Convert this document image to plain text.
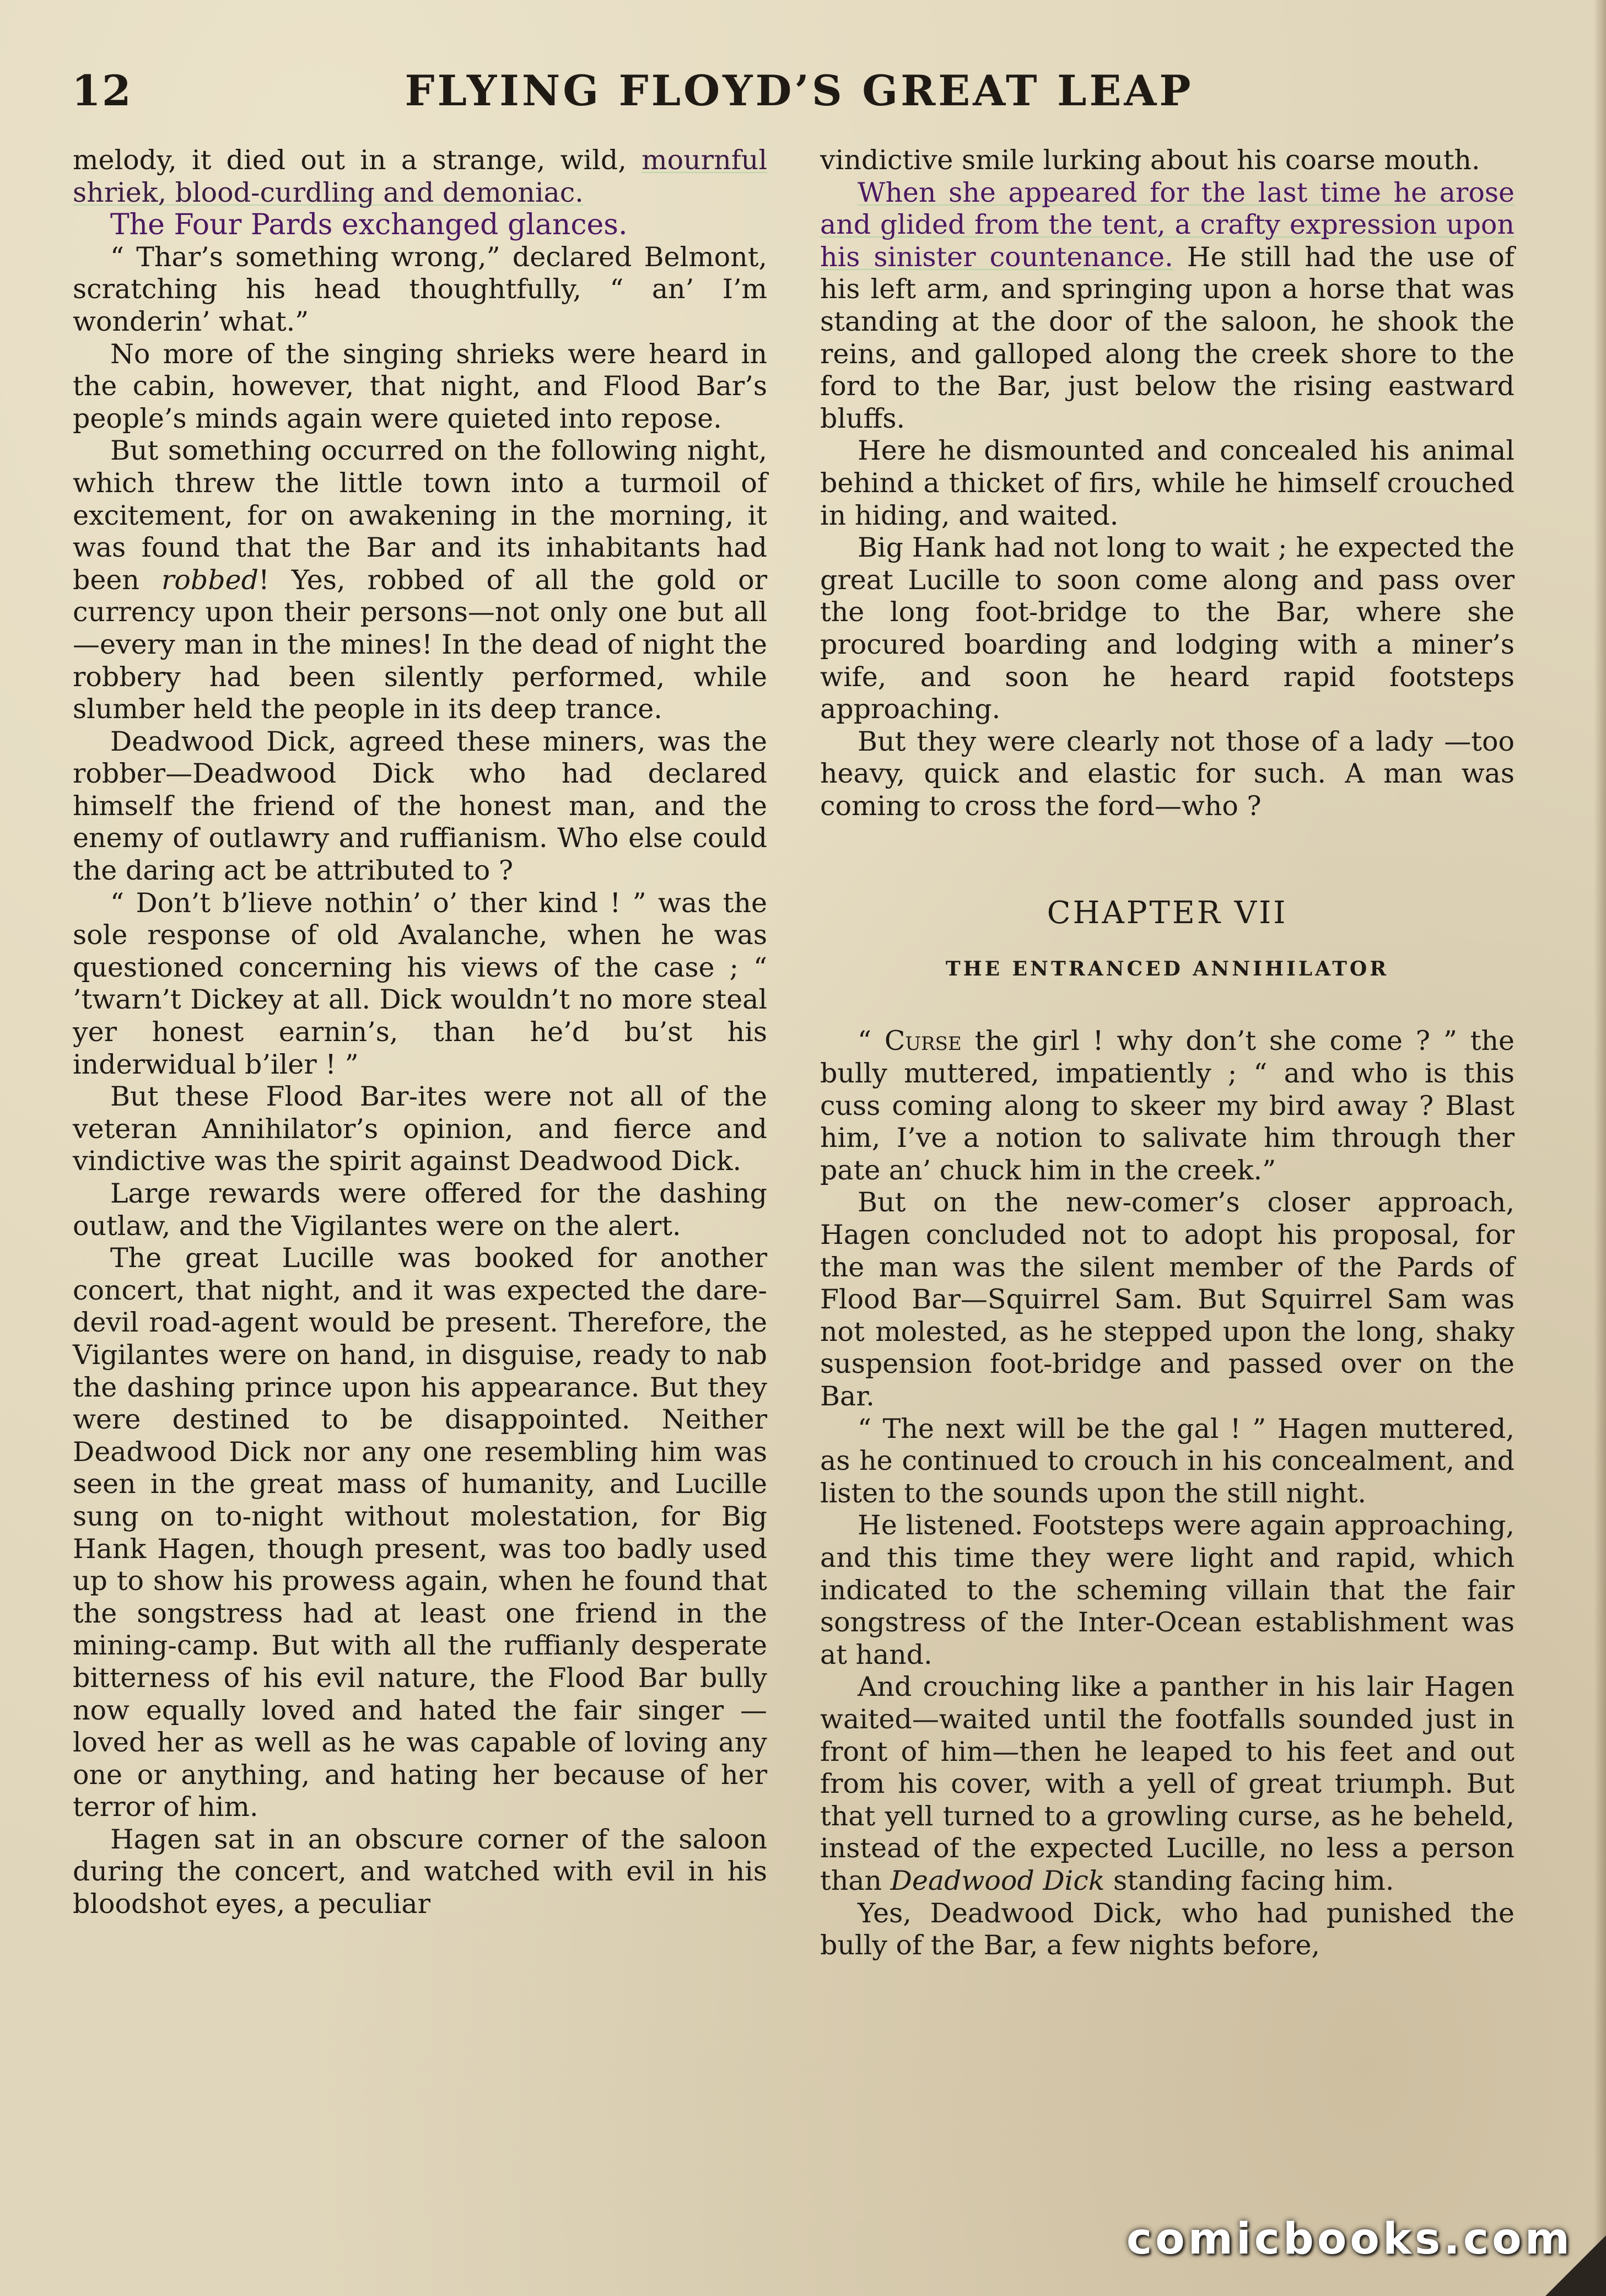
12	FLYING FLOYD’S GREAT LEAP

melody, it died out in a strange, wild, mournful shriek, blood-curdling and demoniac.

The Four Pards exchanged glances.

“ Thar’s something wrong,” declared Belmont, scratching his head thoughtfully, “ an’ I’m wonderin’ what.”

No more of the singing shrieks were heard in the cabin, however, that night, and Flood Bar’s people’s minds again were quieted into repose.

But something occurred on the following night, which threw the little town into a turmoil of excitement, for on awakening in the morning, it was found that the Bar and its inhabitants had been robbed! Yes, robbed of all the gold or currency upon their persons—not only one but all—every man in the mines! In the dead of night the robbery had been silently performed, while slumber held the people in its deep trance.

Deadwood Dick, agreed these miners, was the robber—Deadwood Dick who had declared himself the friend of the honest man, and the enemy of outlawry and ruffianism. Who else could the daring act be attributed to ?

“ Don’t b’lieve nothin’ o’ ther kind ! ” was the sole response of old Avalanche, when he was questioned concerning his views of the case ; “ ’twarn’t Dickey at all. Dick wouldn’t no more steal yer honest earnin’s, than he’d bu’st his inderwidual b’iler ! ”

But these Flood Bar-ites were not all of the veteran Annihilator’s opinion, and fierce and vindictive was the spirit against Deadwood Dick.

Large rewards were offered for the dashing outlaw, and the Vigilantes were on the alert.

The great Lucille was booked for another concert, that night, and it was expected the dare-devil road-agent would be present. Therefore, the Vigilantes were on hand, in disguise, ready to nab the dashing prince upon his appearance. But they were destined to be disappointed. Neither Deadwood Dick nor any one resembling him was seen in the great mass of humanity, and Lucille sung on to-night without molestation, for Big Hank Hagen, though present, was too badly used up to show his prowess again, when he found that the songstress had at least one friend in the mining-camp. But with all the ruffianly desperate bitterness of his evil nature, the Flood Bar bully now equally loved and hated the fair singer —loved her as well as he was capable of loving any one or anything, and hating her because of her terror of him.

Hagen sat in an obscure corner of the saloon during the concert, and watched with evil in his bloodshot eyes, a peculiar

vindictive smile lurking about his coarse mouth.

When she appeared for the last time he arose and glided from the tent, a crafty expression upon his sinister countenance. He still had the use of his left arm, and springing upon a horse that was standing at the door of the saloon, he shook the reins, and galloped along the creek shore to the ford to the Bar, just below the rising eastward bluffs.

Here he dismounted and concealed his animal behind a thicket of firs, while he himself crouched in hiding, and waited.

Big Hank had not long to wait ; he expected the great Lucille to soon come along and pass over the long foot-bridge to the Bar, where she procured boarding and lodging with a miner’s wife, and soon he heard rapid footsteps approaching.

But they were clearly not those of a lady —too heavy, quick and elastic for such. A man was coming to cross the ford—who ?

CHAPTER VII
THE ENTRANCED ANNIHILATOR

“ Curse the girl ! why don’t she come ? ” the bully muttered, impatiently ; “ and who is this cuss coming along to skeer my bird away ? Blast him, I’ve a notion to salivate him through ther pate an’ chuck him in the creek.”

But on the new-comer’s closer approach, Hagen concluded not to adopt his proposal, for the man was the silent member of the Pards of Flood Bar—Squirrel Sam. But Squirrel Sam was not molested, as he stepped upon the long, shaky suspension foot-bridge and passed over on the Bar.

“ The next will be the gal ! ” Hagen muttered, as he continued to crouch in his concealment, and listen to the sounds upon the still night.

He listened. Footsteps were again approaching, and this time they were light and rapid, which indicated to the scheming villain that the fair songstress of the Inter-Ocean establishment was at hand.

And crouching like a panther in his lair Hagen waited—waited until the footfalls sounded just in front of him—then he leaped to his feet and out from his cover, with a yell of great triumph. But that yell turned to a growling curse, as he beheld, instead of the expected Lucille, no less a person than Deadwood Dick standing facing him.

Yes, Deadwood Dick, who had punished the bully of the Bar, a few nights before,

comicbooks.com
